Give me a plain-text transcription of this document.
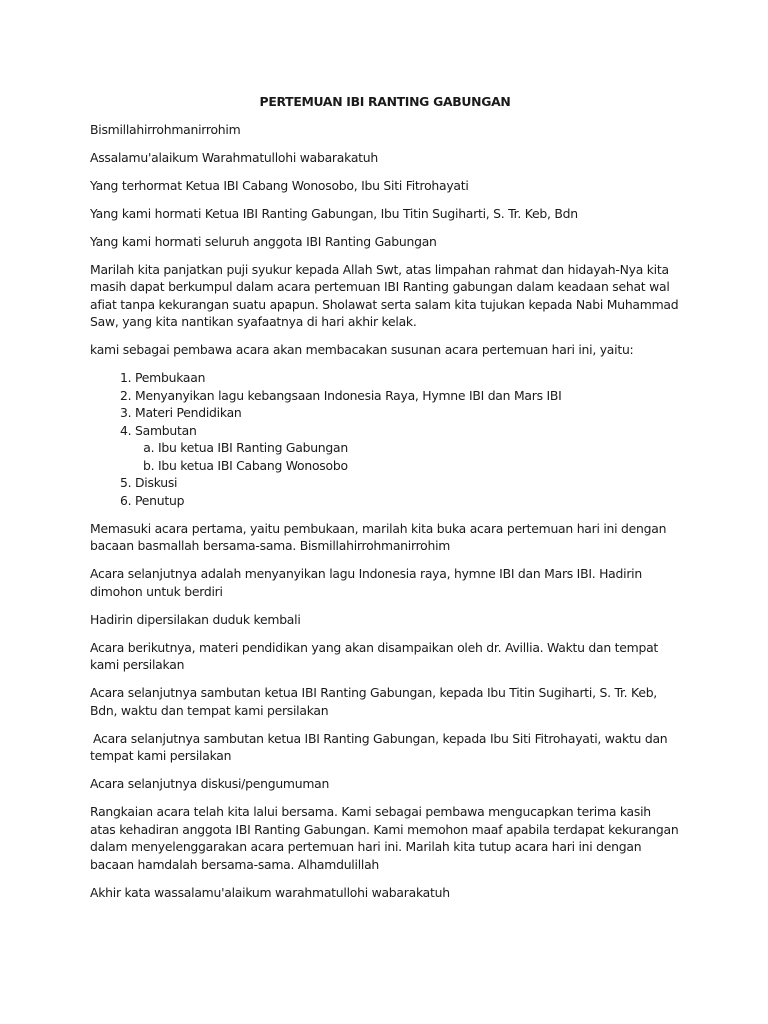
PERTEMUAN IBI RANTING GABUNGAN

Bismillahirrohmanirrohim

Assalamu'alaikum Warahmatullohi wabarakatuh

Yang terhormat Ketua IBI Cabang Wonosobo, Ibu Siti Fitrohayati

Yang kami hormati Ketua IBI Ranting Gabungan, Ibu Titin Sugiharti, S. Tr. Keb, Bdn

Yang kami hormati seluruh anggota IBI Ranting Gabungan

Marilah kita panjatkan puji syukur kepada Allah Swt, atas limpahan rahmat dan hidayah-Nya kita masih dapat berkumpul dalam acara pertemuan IBI Ranting gabungan dalam keadaan sehat wal afiat tanpa kekurangan suatu apapun. Sholawat serta salam kita tujukan kepada Nabi Muhammad Saw, yang kita nantikan syafaatnya di hari akhir kelak.

kami sebagai pembawa acara akan membacakan susunan acara pertemuan hari ini, yaitu:

1. Pembukaan
2. Menyanyikan lagu kebangsaan Indonesia Raya, Hymne IBI dan Mars IBI
3. Materi Pendidikan
4. Sambutan
a. Ibu ketua IBI Ranting Gabungan
b. Ibu ketua IBI Cabang Wonosobo
5. Diskusi
6. Penutup

Memasuki acara pertama, yaitu pembukaan, marilah kita buka acara pertemuan hari ini dengan bacaan basmallah bersama-sama. Bismillahirrohmanirrohim

Acara selanjutnya adalah menyanyikan lagu Indonesia raya, hymne IBI dan Mars IBI. Hadirin dimohon untuk berdiri

Hadirin dipersilakan duduk kembali

Acara berikutnya, materi pendidikan yang akan disampaikan oleh dr. Avillia. Waktu dan tempat kami persilakan

Acara selanjutnya sambutan ketua IBI Ranting Gabungan, kepada Ibu Titin Sugiharti, S. Tr. Keb, Bdn, waktu dan tempat kami persilakan

Acara selanjutnya sambutan ketua IBI Ranting Gabungan, kepada Ibu Siti Fitrohayati, waktu dan tempat kami persilakan

Acara selanjutnya diskusi/pengumuman

Rangkaian acara telah kita lalui bersama. Kami sebagai pembawa mengucapkan terima kasih atas kehadiran anggota IBI Ranting Gabungan. Kami memohon maaf apabila terdapat kekurangan dalam menyelenggarakan acara pertemuan hari ini. Marilah kita tutup acara hari ini dengan bacaan hamdalah bersama-sama. Alhamdulillah

Akhir kata wassalamu'alaikum warahmatullohi wabarakatuh
